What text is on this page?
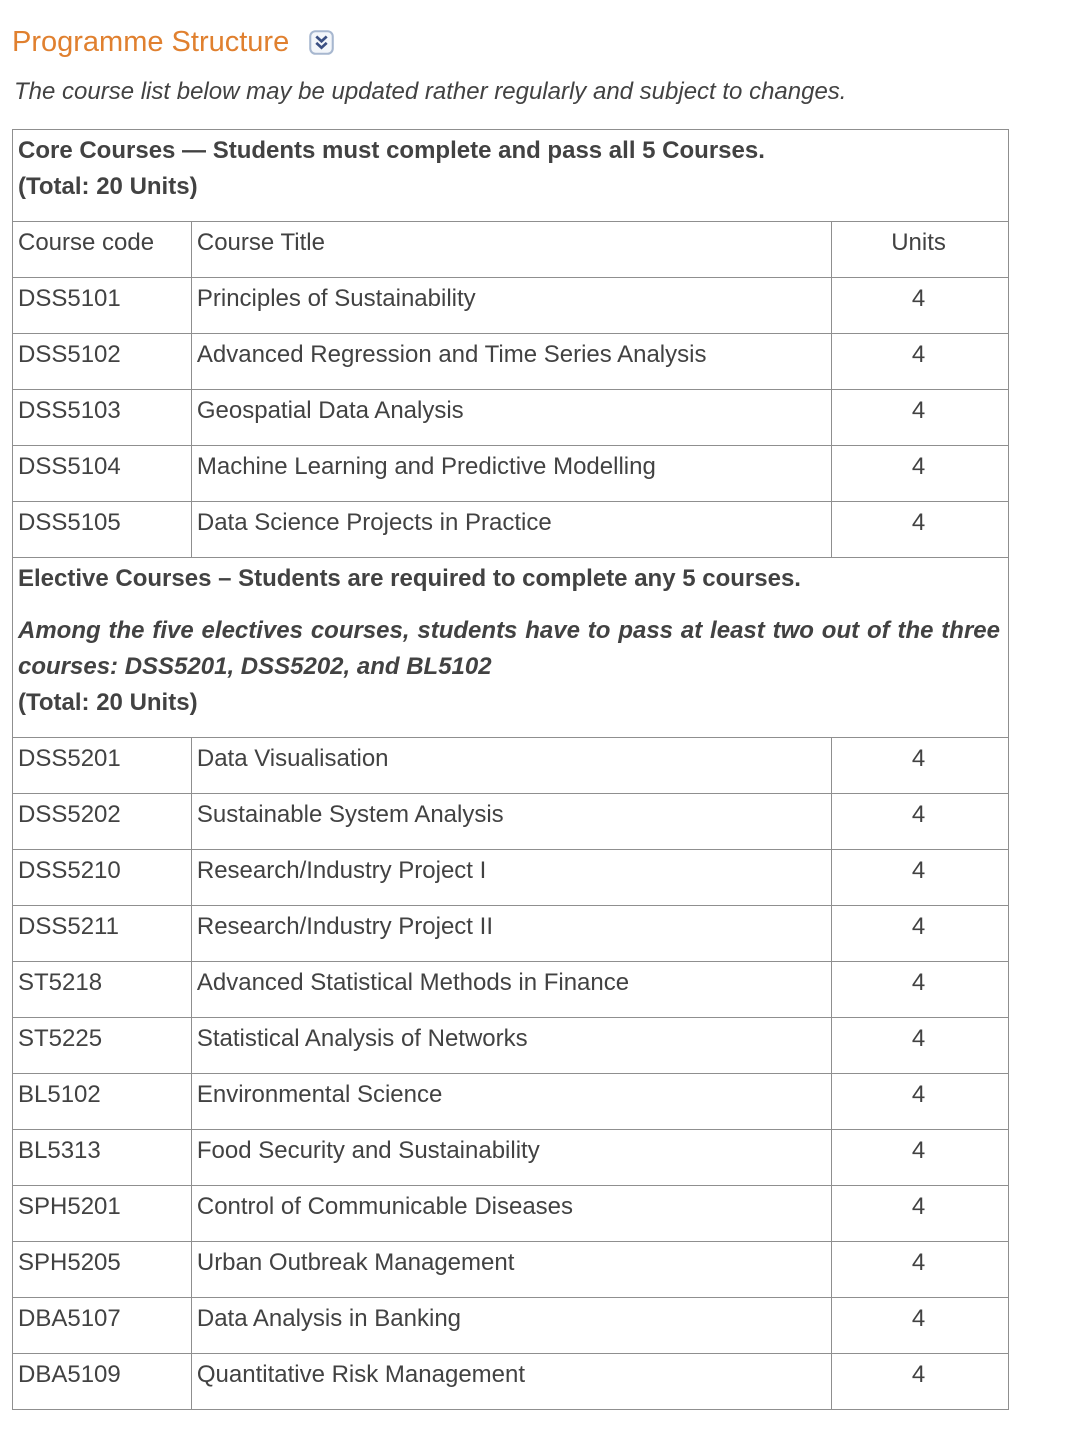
Programme Structure

The course list below may be updated rather regularly and subject to changes.

Core Courses — Students must complete and pass all 5 Courses.
(Total: 20 Units)		

Course code	Course Title	Units
DSS5101	Principles of Sustainability	4
DSS5102	Advanced Regression and Time Series Analysis	4
DSS5103	Geospatial Data Analysis	4
DSS5104	Machine Learning and Predictive Modelling	4
DSS5105	Data Science Projects in Practice	4

Elective Courses – Students are required to complete any 5 courses.
Among the five electives courses, students have to pass at least two out of the three courses: DSS5201, DSS5202, and BL5102
(Total: 20 Units)		

DSS5201	Data Visualisation	4
DSS5202	Sustainable System Analysis	4
DSS5210	Research/Industry Project I	4
DSS5211	Research/Industry Project II	4
ST5218	Advanced Statistical Methods in Finance	4
ST5225	Statistical Analysis of Networks	4
BL5102	Environmental Science	4
BL5313	Food Security and Sustainability	4
SPH5201	Control of Communicable Diseases	4
SPH5205	Urban Outbreak Management	4
DBA5107	Data Analysis in Banking	4
DBA5109	Quantitative Risk Management	4
